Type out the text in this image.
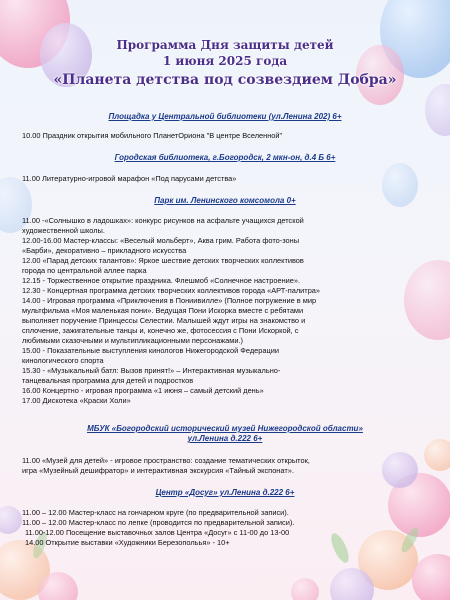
Программа Дня защиты детей
1 июня 2025 года
«Планета детства под созвездием Добра»
Площадка у Центральной библиотеки (ул.Ленина 202) 6+
10.00 Праздник открытия мобильного ПланетОриона "В центре Вселенной"
Городская библиотека, г.Богородск, 2 мкн-он, д.4 Б 6+
11.00 Литературно-игровой марафон «Под парусами детства»
Парк им. Ленинского комсомола 0+
11.00 -«Солнышко в ладошках»: конкурс рисунков на асфальте учащихся детской
художественной школы.
12.00-16.00 Мастер-классы: «Веселый мольберт», Аква грим. Работа фото-зоны
«Барби», декоративно – прикладного искусства
12.00 «Парад детских талантов»: Яркое шествие детских творческих коллективов
города по центральной аллее парка
12.15 - Торжественное открытие праздника. Флешмоб «Солнечное настроение».
12.30 - Концертная программа детских творческих коллективов города «АРТ-палитра»
14.00 - Игровая программа «Приключения в Пониивилле» (Полное погружение в мир
мультфильма «Моя маленькая пони». Ведущая Пони Искорка вместе с ребятами
выполняет поручение Принцессы Селестии. Малышей ждут игры на знакомство и
сплочение, зажигательные танцы и, конечно же, фотосессия с Пони Искоркой, с
любимыми сказочными и мультипликационными персонажами.)
15.00 - Показательные выступления кинологов Нижегородской Федерации
кинологического спорта
15.30 - «Музыкальный батл: Вызов принят!» – Интерактивная музыкально-
танцевальная программа для детей и подростков
16.00 Концертно - игровая программа «1 июня – самый детский день»
17.00 Дискотека «Краски Холи»
МБУК «Богородский исторический музей Нижегородской области»
ул.Ленина д.222 6+
11.00 «Музей для детей» - игровое пространство: создание тематических открыток,
игра «Музейный дешифратор» и интерактивная экскурсия «Тайный экспонат».
Центр «Досуг» ул.Ленина д.222 6+
11.00 – 12.00 Мастер-класс на гончарном круге (по предварительной записи).
11.00 – 12.00 Мастер-класс по лепке (проводится по предварительной записи).
11.00-12.00 Посещение выставочных залов Центра «Досуг» с 11-00 до 13-00
14.00 Открытие выставки «Художники Березопольья» - 10+
